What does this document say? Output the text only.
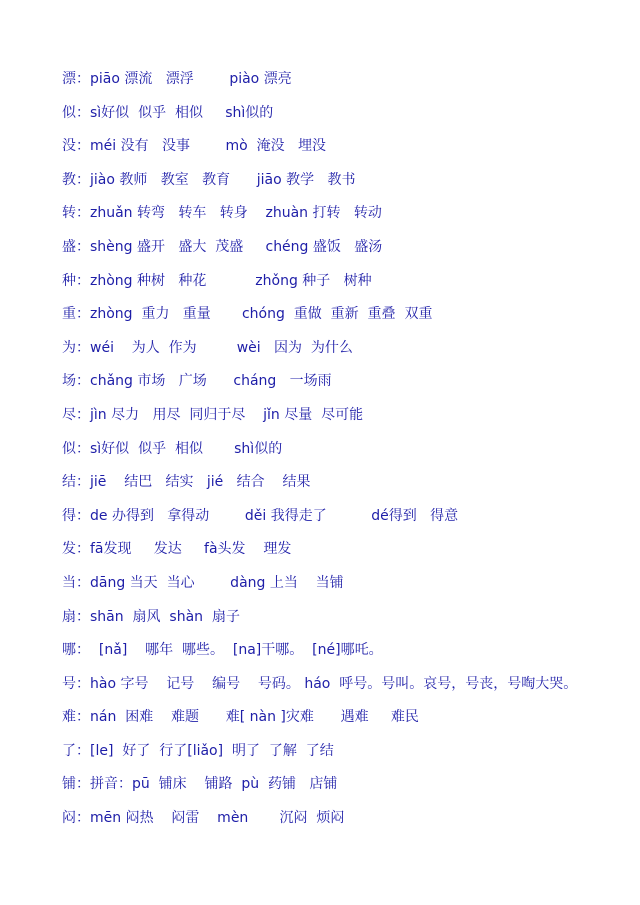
漂：piāo 漂流   漂浮        piào 漂亮
似：sì好似  似乎  相似     shì似的
没：méi 没有   没事        mò  淹没   埋没
教：jiào 教师   教室   教育      jiāo 教学   教书
转：zhuǎn 转弯   转车   转身    zhuàn 打转   转动
盛：shèng 盛开   盛大  茂盛     chéng 盛饭   盛汤
种：zhòng 种树   种花           zhǒng 种子   树种
重：zhòng  重力   重量       chóng  重做  重新  重叠  双重
为：wéi    为人  作为         wèi   因为  为什么
场：chǎng 市场   广场      cháng   一场雨
尽：jìn 尽力   用尽  同归于尽    jǐn 尽量  尽可能
似：sì好似  似乎  相似       shì似的
结：jiē    结巴   结实   jié   结合    结果
得：de 办得到   拿得动        děi 我得走了          dé得到   得意
发：fā发现     发达     fà头发    理发
当：dāng 当天  当心        dàng 上当    当铺
扇：shān  扇风  shàn  扇子
哪：  [nǎ]    哪年  哪些。  [na]干哪。  [né]哪吒。
号：hào 字号    记号    编号    号码。 háo  呼号。号叫。哀号，号丧，号啕大哭。
难：nán  困难    难题      难[ nàn ]灾难      遇难     难民
了：[le]  好了  行了[liǎo]  明了  了解  了结
铺：拼音：pū  铺床    铺路  pù  药铺   店铺
闷：mēn 闷热    闷雷    mèn       沉闷  烦闷
